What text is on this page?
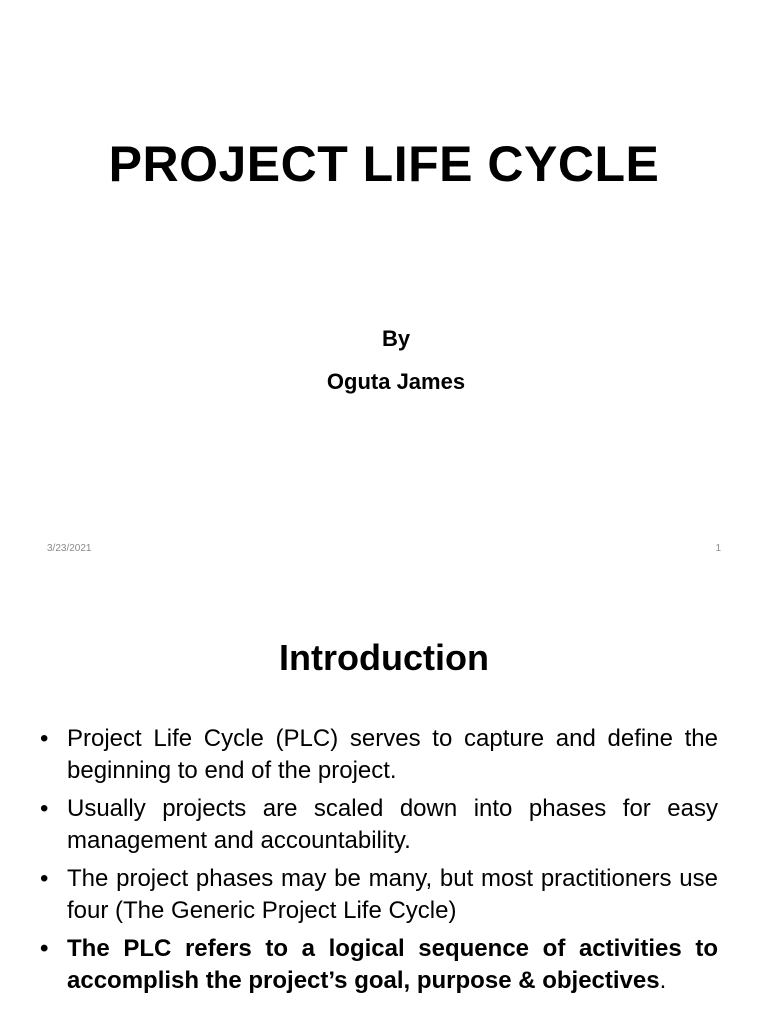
PROJECT LIFE CYCLE
By
Oguta James
3/23/2021	1
Introduction
• Project Life Cycle (PLC) serves to capture and define the beginning to end of the project.
• Usually projects are scaled down into phases for easy management and accountability.
• The project phases may be many, but most practitioners use four (The Generic Project Life Cycle)
• The PLC refers to a logical sequence of activities to accomplish the project’s goal, purpose & objectives.
